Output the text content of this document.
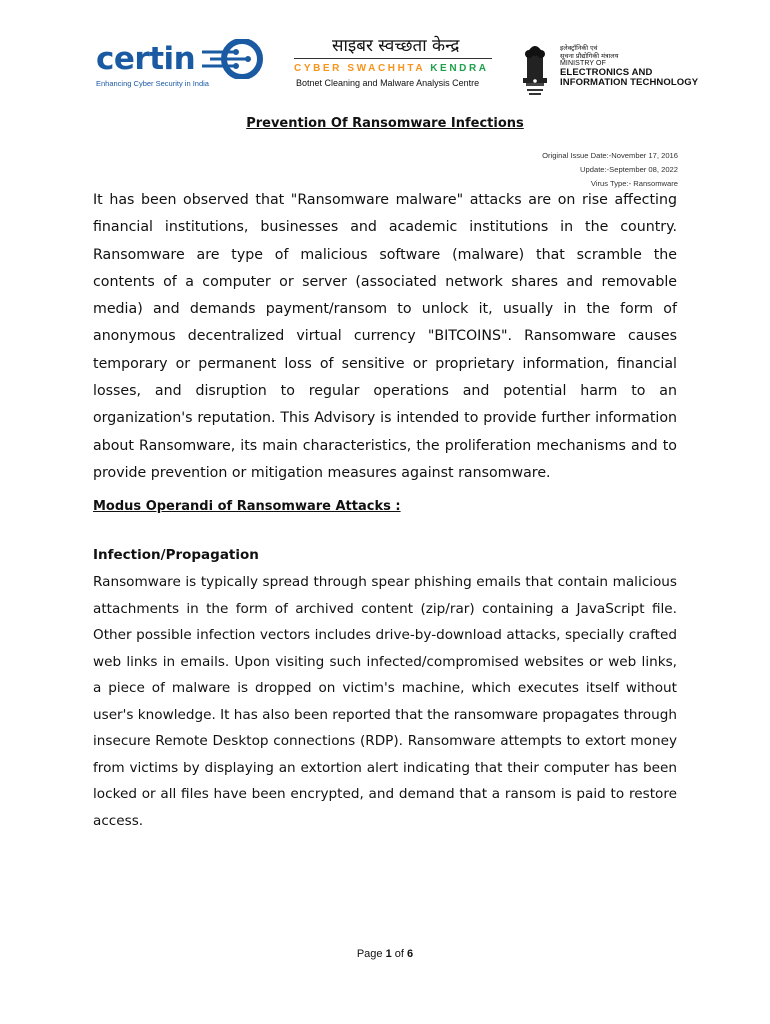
certin
Enhancing Cyber Security in India
साइबर स्वच्छता केन्द्र
CYBER SWACHHTA KENDRA
Botnet Cleaning and Malware Analysis Centre
इलेक्ट्रॉनिकी एवं
सूचना प्रौद्योगिकी मंत्रालय
MINISTRY OF
ELECTRONICS AND
INFORMATION TECHNOLOGY
Prevention Of Ransomware Infections
Original Issue Date:-November 17, 2016
Update:-September 08, 2022
Virus Type:- Ransomware

It has been observed that "Ransomware malware" attacks are on rise affecting financial institutions, businesses and academic institutions in the country. Ransomware are type of malicious software (malware) that scramble the contents of a computer or server (associated network shares and removable media) and demands payment/ransom to unlock it, usually in the form of anonymous decentralized virtual currency "BITCOINS". Ransomware causes temporary or permanent loss of sensitive or proprietary information, financial losses, and disruption to regular operations and potential harm to an organization's reputation. This Advisory is intended to provide further information about Ransomware, its main characteristics, the proliferation mechanisms and to provide prevention or mitigation measures against ransomware.

Modus Operandi of Ransomware Attacks :
Infection/Propagation

Ransomware is typically spread through spear phishing emails that contain malicious attachments in the form of archived content (zip/rar) containing a JavaScript file. Other possible infection vectors includes drive-by-download attacks, specially crafted web links in emails. Upon visiting such infected/compromised websites or web links, a piece of malware is dropped on victim's machine, which executes itself without user's knowledge. It has also been reported that the ransomware propagates through insecure Remote Desktop connections (RDP). Ransomware attempts to extort money from victims by displaying an extortion alert indicating that their computer has been locked or all files have been encrypted, and demand that a ransom is paid to restore access.

Page 1 of 6
